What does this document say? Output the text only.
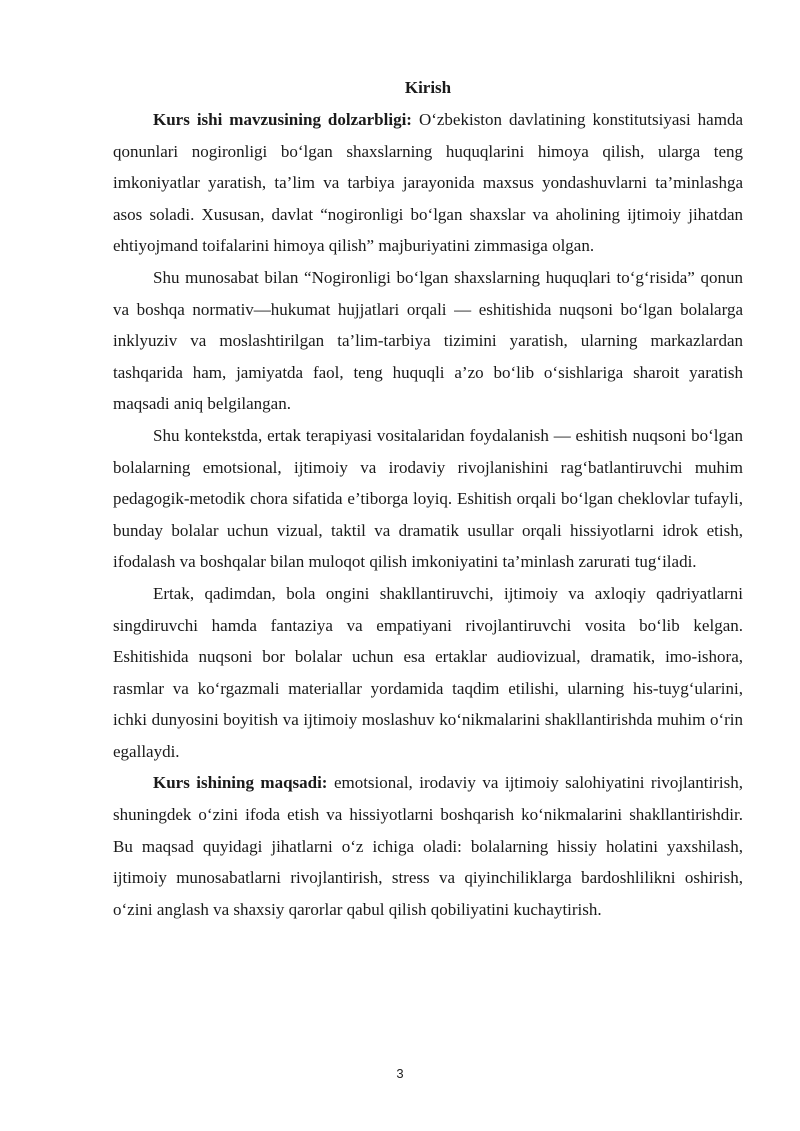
Kirish

Kurs ishi mavzusining dolzarbligi: O‘zbekiston davlatining konstitutsiyasi hamda qonunlari nogironligi bo‘lgan shaxslarning huquqlarini himoya qilish, ularga teng imkoniyatlar yaratish, ta’lim va tarbiya jarayonida maxsus yondashuvlarni ta’minlashga asos soladi. Xususan, davlat “nogironligi bo‘lgan shaxslar va aholining ijtimoiy jihatdan ehtiyojmand toifalarini himoya qilish” majburiyatini zimmasiga olgan.

Shu munosabat bilan “Nogironligi bo‘lgan shaxslarning huquqlari to‘g‘risida” qonun va boshqa normativ—hukumat hujjatlari orqali — eshitishida nuqsoni bo‘lgan bolalarga inklyuziv va moslashtirilgan ta’lim-tarbiya tizimini yaratish, ularning markazlardan tashqarida ham, jamiyatda faol, teng huquqli a’zo bo‘lib o‘sishlariga sharoit yaratish maqsadi aniq belgilangan.

Shu kontekstda, ertak terapiyasi vositalaridan foydalanish — eshitish nuqsoni bo‘lgan bolalarning emotsional, ijtimoiy va irodaviy rivojlanishini rag‘batlantiruvchi muhim pedagogik-metodik chora sifatida e’tiborga loyiq. Eshitish orqali bo‘lgan cheklovlar tufayli, bunday bolalar uchun vizual, taktil va dramatik usullar orqali hissiyotlarni idrok etish, ifodalash va boshqalar bilan muloqot qilish imkoniyatini ta’minlash zarurati tug‘iladi.

Ertak, qadimdan, bola ongini shakllantiruvchi, ijtimoiy va axloqiy qadriyatlarni singdiruvchi hamda fantaziya va empatiyani rivojlantiruvchi vosita bo‘lib kelgan. Eshitishida nuqsoni bor bolalar uchun esa ertaklar audiovizual, dramatik, imo-ishora, rasmlar va ko‘rgazmali materiallar yordamida taqdim etilishi, ularning his-tuyg‘ularini, ichki dunyosini boyitish va ijtimoiy moslashuv ko‘nikmalarini shakllantirishda muhim o‘rin egallaydi.

Kurs ishining maqsadi: emotsional, irodaviy va ijtimoiy salohiyatini rivojlantirish, shuningdek o‘zini ifoda etish va hissiyotlarni boshqarish ko‘nikmalarini shakllantirishdir. Bu maqsad quyidagi jihatlarni o‘z ichiga oladi: bolalarning hissiy holatini yaxshilash, ijtimoiy munosabatlarni rivojlantirish, stress va qiyinchiliklarga bardoshlilikni oshirish, o‘zini anglash va shaxsiy qarorlar qabul qilish qobiliyatini kuchaytirish.

3
